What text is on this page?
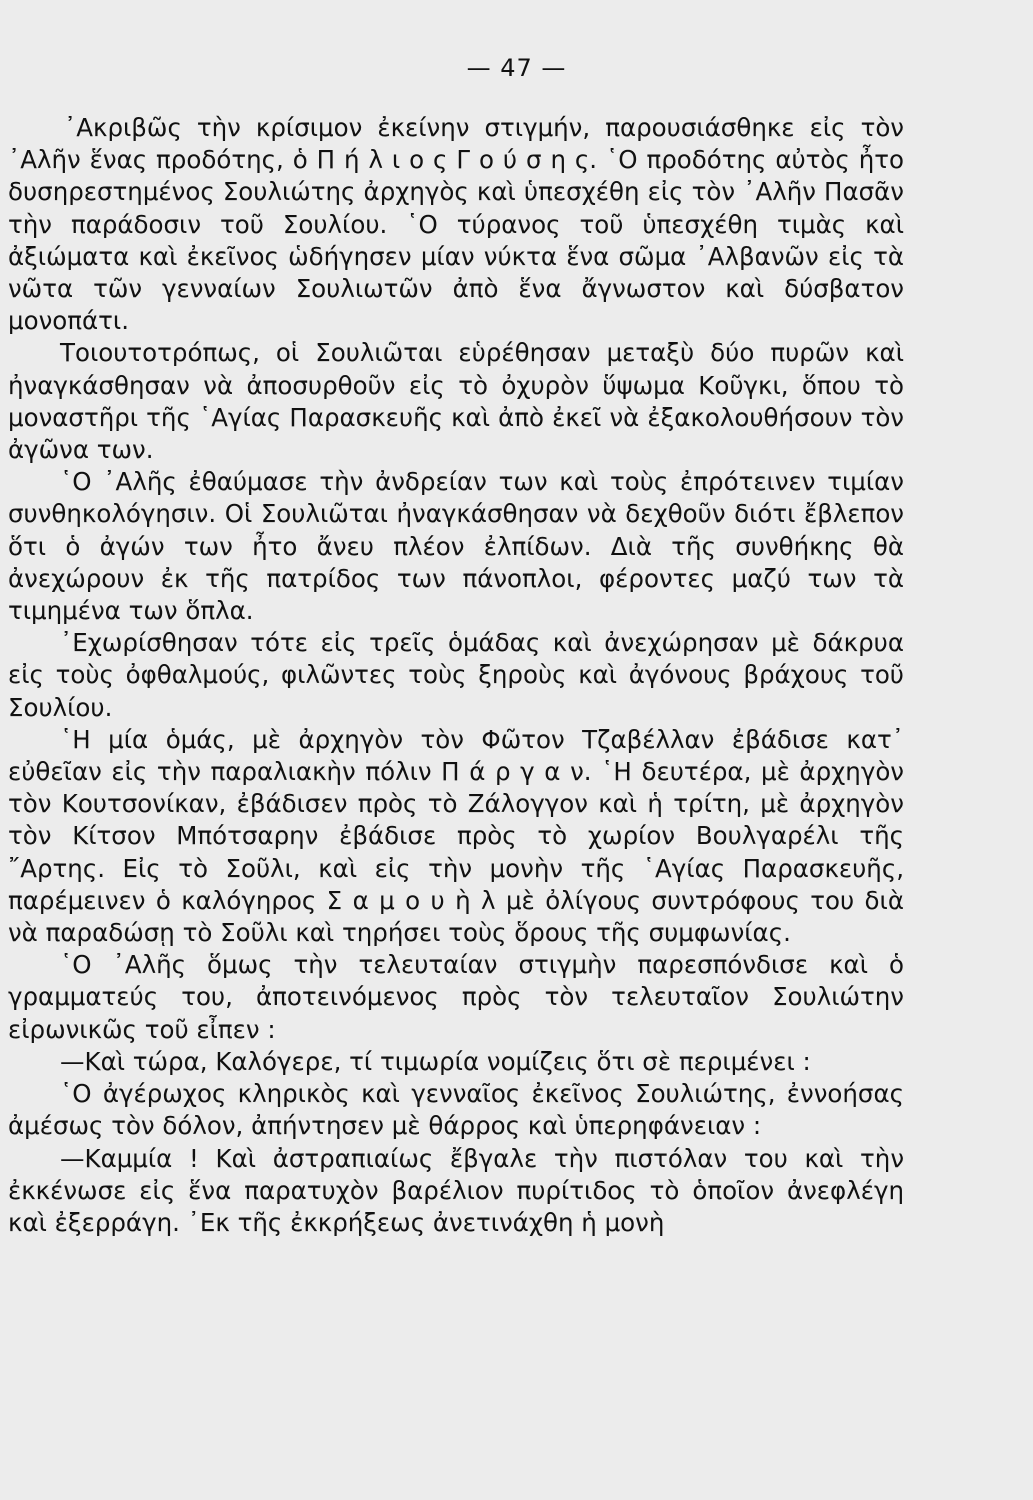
— 47 —

᾿Ακριβῶς τὴν κρίσιμον ἐκείνην στιγμήν, παρουσιάσθηκε εἰς τὸν ᾿Αλῆν ἕνας προδότης, ὁ Π ή λ ι ο ς Γ ο ύ σ η ς. ῾Ο προδότης αὐτὸς ἦτο δυσηρεστημένος Σουλιώτης ἀρχηγὸς καὶ ὑπεσχέθη εἰς τὸν ᾿Αλῆν Πασᾶν τὴν παράδοσιν τοῦ Σουλίου. ῾Ο τύρανος τοῦ ὑπεσχέθη τιμὰς καὶ ἀξιώματα καὶ ἐκεῖνος ὡδήγησεν μίαν νύκτα ἕνα σῶμα ᾿Αλβανῶν εἰς τὰ νῶτα τῶν γενναίων Σουλιωτῶν ἀπὸ ἕνα ἄγνωστον καὶ δύσβατον μονοπάτι.

Τοιουτοτρόπως, οἱ Σουλιῶται εὑρέθησαν μεταξὺ δύο πυρῶν καὶ ἠναγκάσθησαν νὰ ἀποσυρθοῦν εἰς τὸ ὀχυρὸν ὕψωμα Κοῦγκι, ὅπου τὸ μοναστῆρι τῆς ῾Αγίας Παρασκευῆς καὶ ἀπὸ ἐκεῖ νὰ ἐξακολουθήσουν τὸν ἀγῶνα των.

῾Ο ᾿Αλῆς ἐθαύμασε τὴν ἀνδρείαν των καὶ τοὺς ἐπρότεινεν τιμίαν συνθηκολόγησιν. Οἱ Σουλιῶται ἠναγκάσθησαν νὰ δεχθοῦν διότι ἔβλεπον ὅτι ὁ ἀγών των ἦτο ἄνευ πλέον ἐλπίδων. Διὰ τῆς συνθήκης θὰ ἀνεχώρουν ἐκ τῆς πατρίδος των πάνοπλοι, φέροντες μαζύ των τὰ τιμημένα των ὅπλα.

᾿Εχωρίσθησαν τότε εἰς τρεῖς ὁμάδας καὶ ἀνεχώρησαν μὲ δάκρυα εἰς τοὺς ὀφθαλμούς, φιλῶντες τοὺς ξηροὺς καὶ ἀγόνους βράχους τοῦ Σουλίου.

῾Η μία ὁμάς, μὲ ἀρχηγὸν τὸν Φῶτον Τζαβέλλαν ἐβάδισε κατ᾿ εὐθεῖαν εἰς τὴν παραλιακὴν πόλιν Π ά ρ γ α ν. ῾Η δευτέρα, μὲ ἀρχηγὸν τὸν Κουτσονίκαν, ἐβάδισεν πρὸς τὸ Ζάλογγον καὶ ἡ τρίτη, μὲ ἀρχηγὸν τὸν Κίτσον Μπότσαρην ἐβάδισε πρὸς τὸ χωρίον Βουλγαρέλι τῆς ῎Αρτης. Εἰς τὸ Σοῦλι, καὶ εἰς τὴν μονὴν τῆς ῾Αγίας Παρασκευῆς, παρέμεινεν ὁ καλόγηρος Σ α μ ο υ ὴ λ μὲ ὀλίγους συντρόφους του διὰ νὰ παραδώσῃ τὸ Σοῦλι καὶ τηρήσει τοὺς ὅρους τῆς συμφωνίας.

῾Ο ᾿Αλῆς ὅμως τὴν τελευταίαν στιγμὴν παρεσπόνδισε καὶ ὁ γραμματεύς του, ἀποτεινόμενος πρὸς τὸν τελευταῖον Σουλιώτην εἰρωνικῶς τοῦ εἶπεν :

—Καὶ τώρα, Καλόγερε, τί τιμωρία νομίζεις ὅτι σὲ περιμένει :

῾Ο ἀγέρωχος κληρικὸς καὶ γενναῖος ἐκεῖνος Σουλιώτης, ἐννοήσας ἀμέσως τὸν δόλον, ἀπήντησεν μὲ θάρρος καὶ ὑπερηφάνειαν :

—Καμμία ! Καὶ ἀστραπιαίως ἔβγαλε τὴν πιστόλαν του καὶ τὴν ἐκκένωσε εἰς ἕνα παρατυχὸν βαρέλιον πυρίτιδος τὸ ὁποῖον ἀνεφλέγη καὶ ἐξερράγη. ᾿Εκ τῆς ἐκκρήξεως ἀνετινάχθη ἡ μονὴ
